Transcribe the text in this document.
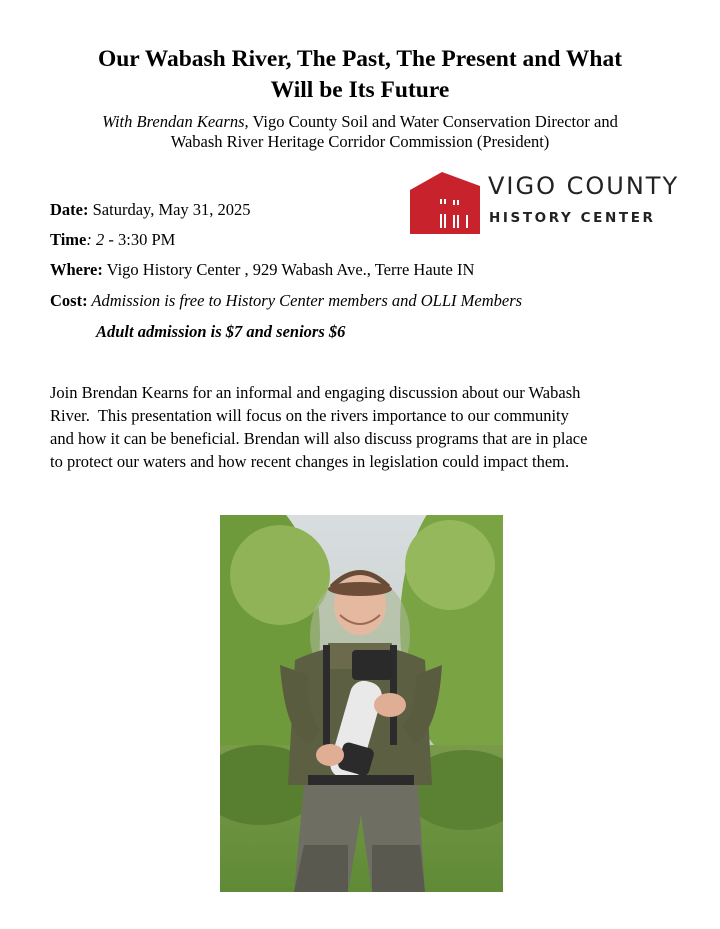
Our Wabash River, The Past, The Present and What
Will be Its Future
With Brendan Kearns, Vigo County Soil and Water Conservation Director and
Wabash River Heritage Corridor Commission (President)
VIGO COUNTY
HISTORY CENTER
Date: Saturday, May 31, 2025
Time: 2 - 3:30 PM
Where: Vigo History Center , 929 Wabash Ave., Terre Haute IN
Cost: Admission is free to History Center members and OLLI Members
Adult admission is $7 and seniors $6
Join Brendan Kearns for an informal and engaging discussion about our Wabash
River.  This presentation will focus on the rivers importance to our community
and how it can be beneficial. Brendan will also discuss programs that are in place
to protect our waters and how recent changes in legislation could impact them.
